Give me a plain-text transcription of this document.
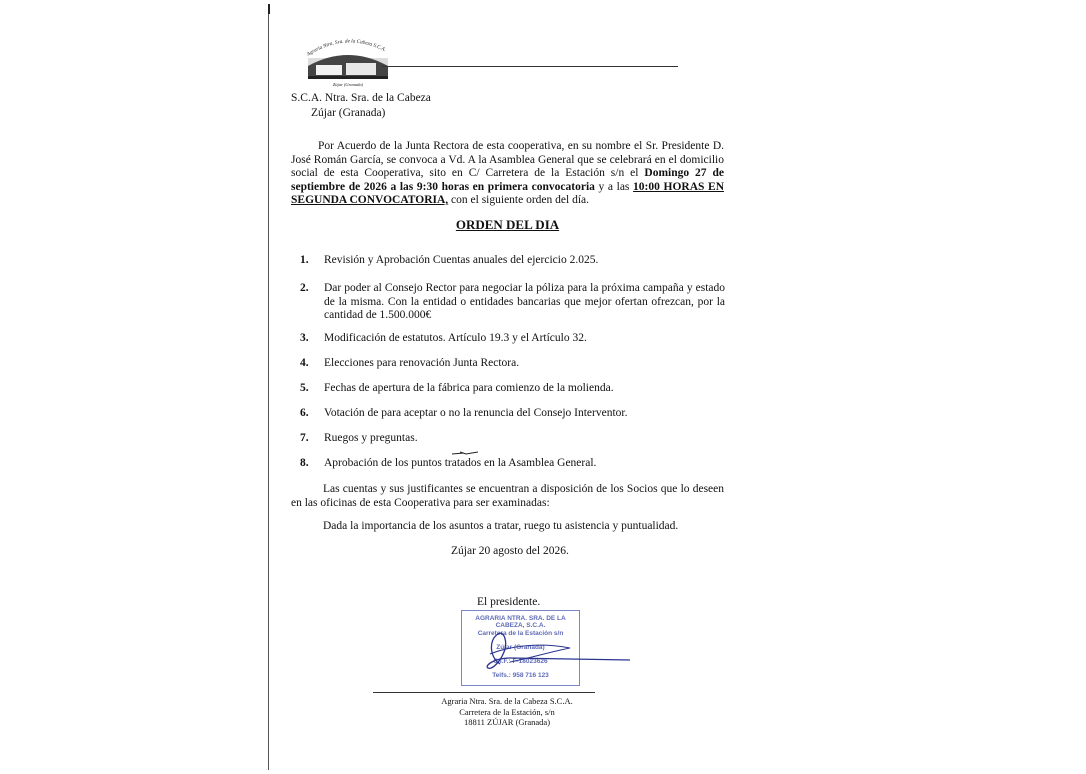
Agraria Ntra. Sra. de la Cabeza S.C.A.
Zújar (Granada)
S.C.A. Ntra. Sra. de la Cabeza
Zújar (Granada)
Por Acuerdo de la Junta Rectora de esta cooperativa, en su nombre el Sr. Presidente D. José Román García, se convoca a Vd. A la Asamblea General que se celebrará en el domicilio social de esta Cooperativa, sito en C/ Carretera de la Estación s/n el Domingo 27 de septiembre de 2026 a las 9:30 horas en primera convocatoria y a las 10:00 HORAS EN SEGUNDA CONVOCATORIA, con el siguiente orden del día.
ORDEN DEL DIA
1. Revisión y Aprobación Cuentas anuales del ejercicio 2.025.
2. Dar poder al Consejo Rector para negociar la póliza para la próxima campaña y estado de la misma. Con la entidad o entidades bancarias que mejor ofertan ofrezcan, por la cantidad de 1.500.000€
3. Modificación de estatutos. Artículo 19.3 y el Artículo 32.
4. Elecciones para renovación Junta Rectora.
5. Fechas de apertura de la fábrica para comienzo de la molienda.
6. Votación de para aceptar o no la renuncia del Consejo Interventor.
7. Ruegos y preguntas.
8. Aprobación de los puntos tratados en la Asamblea General.
Las cuentas y sus justificantes se encuentran a disposición de los Socios que lo deseen en las oficinas de esta Cooperativa para ser examinadas:
Dada la importancia de los asuntos a tratar, ruego tu asistencia y puntualidad.
Zújar 20 agosto del 2026.
El presidente.
AGRARIA NTRA. SRA. DE LA CABEZA, S.C.A.
Carretera de la Estación s/n
Zújar (Granada)
C.I.F.: F-18023626
Telfs.: 958 716 123
Agraria Ntra. Sra. de la Cabeza S.C.A.
Carretera de la Estación, s/n
18811 ZÚJAR (Granada)
